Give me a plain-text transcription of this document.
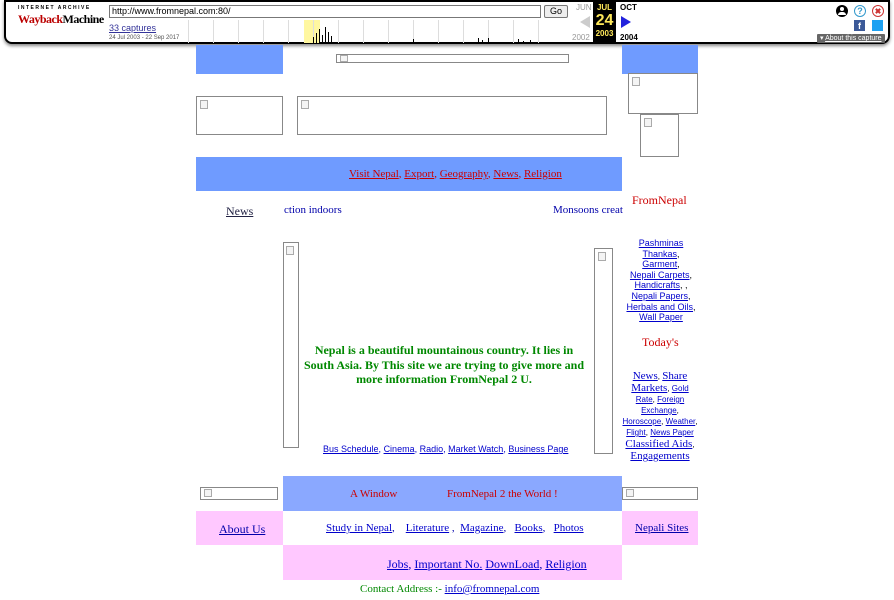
INTERNET ARCHIVE
WaybackMachine
http://www.fromnepal.com:80/	Go
33 captures
24 Jul 2003 - 22 Sep 2017
JUN
2002
JUL
24
2003
OCT
2004
?
f
▾ About this capture
Visit Nepal, Export, Geography, News, Religion
News	ction indoors	Monsoons creat
FromNepal
Pashminas
Thankas, Garment,
Nepali Carpets,
Handicrafts, ,
Nepali Papers,
Herbals and Oils,
Wall Paper
Today's
News, Share
Markets, Gold
Rate, Foreign
Exchange,
Horoscope, Weather,
Flight, News Paper
Classified Aids,
Engagements
Nepal is a beautiful mountainous country. It lies in South Asia. By This site we are trying to give more and more information FromNepal 2 U.
Bus Schedule, Cinema, Radio, Market Watch, Business Page
A Window	FromNepal 2 the World !
About Us	Nepali Sites
Study in Nepal,    Literature ,  Magazine,   Books,   Photos
Jobs, Important No. DownLoad, Religion
Contact Address :- info@fromnepal.com
